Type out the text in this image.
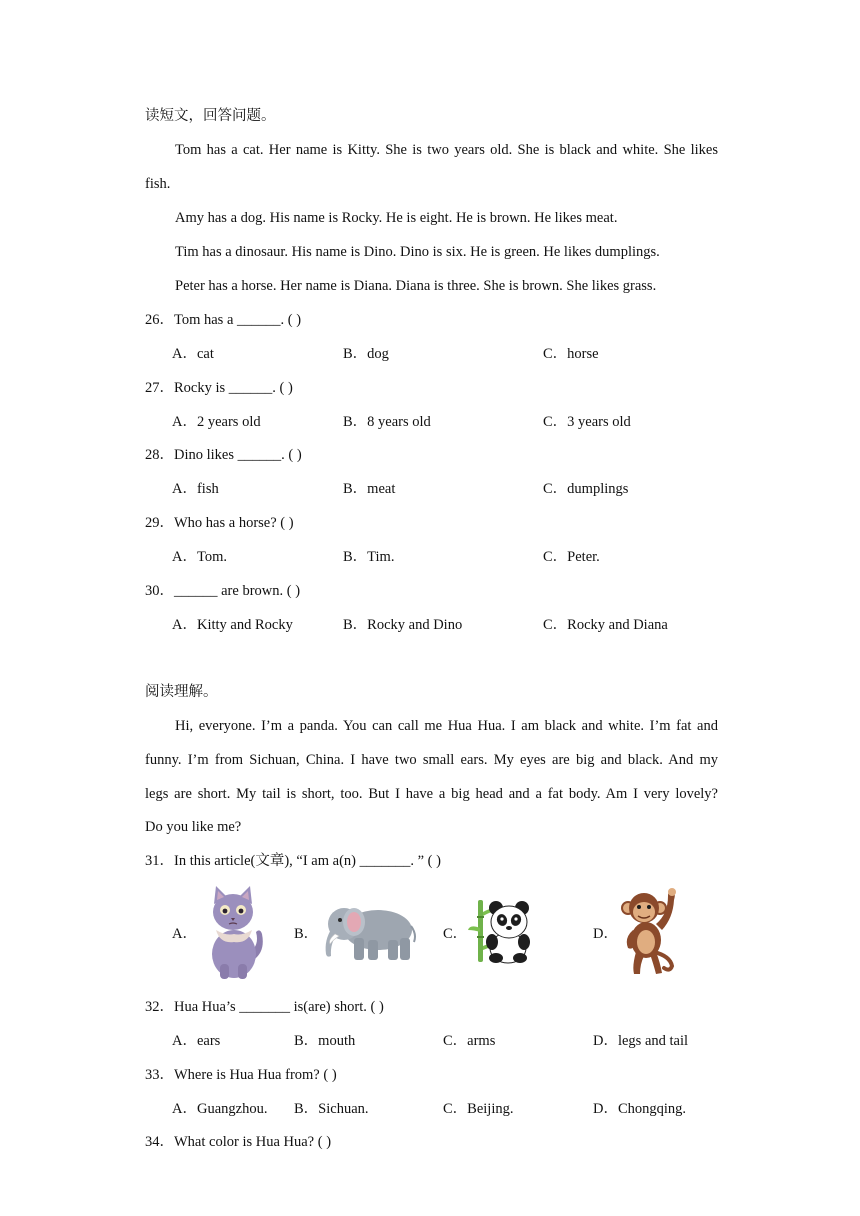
读短文，回答问题。
Tom has a cat. Her name is Kitty. She is two years old. She is black and white. She likes
fish.
Amy has a dog. His name is Rocky. He is eight. He is brown. He likes meat.
Tim has a dinosaur. His name is Dino. Dino is six. He is green. He likes dumplings.
Peter has a horse. Her name is Diana. Diana is three. She is brown. She likes grass.
26．Tom has a ______. ( )
A．cat	B．dog	C．horse
27．Rocky is ______. ( )
A．2 years old	B．8 years old	C．3 years old
28．Dino likes ______. ( )
A．fish	B．meat	C．dumplings
29．Who has a horse? ( )
A．Tom.	B．Tim.	C．Peter.
30．______ are brown. ( )
A．Kitty and Rocky	B．Rocky and Dino	C．Rocky and Diana
阅读理解。
Hi, everyone. I’m a panda. You can call me Hua Hua. I am black and white. I’m fat and
funny. I’m from Sichuan, China. I have two small ears. My eyes are big and black. And my
legs are short. My tail is short, too. But I have a big head and a fat body. Am I very lovely?
Do you like me?
31．In this article(文章), “I am a(n) _______. ” ( )
A．	B．	C．	D．
32．Hua Hua’s _______ is(are) short. ( )
A．ears	B．mouth	C．arms	D．legs and tail
33．Where is Hua Hua from? ( )
A．Guangzhou. B．Sichuan.	C．Beijing.	D．Chongqing.
34．What color is Hua Hua? ( )
